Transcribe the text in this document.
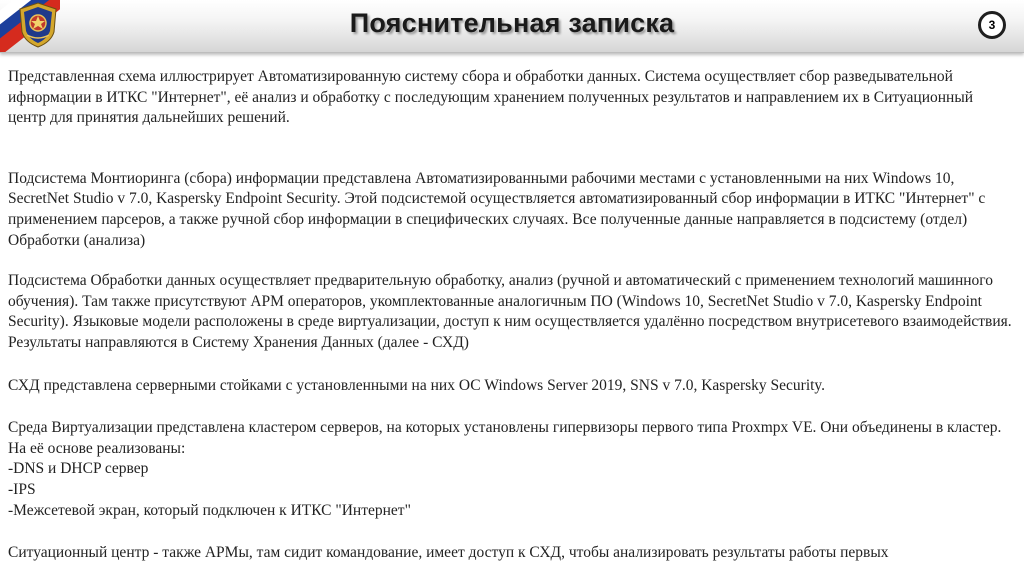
Пояснительная записка	3

Представленная схема иллюстрирует Автоматизированную систему сбора и обработки данных. Система осуществляет сбор разведывательной ифнормации в ИТКС "Интернет", её анализ и обработку с последующим хранением полученных результатов и направлением их в Ситуационный центр для принятия дальнейших решений.

Подсистема Монтиоринга (сбора) информации представлена Автоматизированными рабочими местами с установленными на них Windows 10, SecretNet Studio v 7.0, Kaspersky Endpoint Security. Этой подсистемой осуществляется автоматизированный сбор информации в ИТКС "Интернет" с применением парсеров, а также ручной сбор информации в специфических случаях. Все полученные данные направляется в подсистему (отдел) Обработки (анализа)

Подсистема Обработки данных осуществляет предварительную обработку, анализ (ручной и автоматический с применением технологий машинного обучения). Там также присутствуют АРМ операторов, укомплектованные аналогичным ПО (Windows 10, SecretNet Studio v 7.0, Kaspersky Endpoint Security). Языковые модели расположены в среде виртуализации, доступ к ним осуществляется удалённо посредством внутрисетевого взаимодействия. Результаты направляются в Систему Хранения Данных (далее - СХД)

СХД представлена серверными стойками с установленными на них ОС Windows Server 2019, SNS v 7.0, Kaspersky Security.

Среда Виртуализации представлена кластером серверов, на которых установлены гипервизоры первого типа Proxmpx VE. Они объединены в кластер. На её основе реализованы:

-DNS и DHCP сервер

-IPS

-Межсетевой экран, который подключен к ИТКС "Интернет"

Ситуационный центр - также АРМы, там сидит командование, имеет доступ к СХД, чтобы анализировать результаты работы первых
